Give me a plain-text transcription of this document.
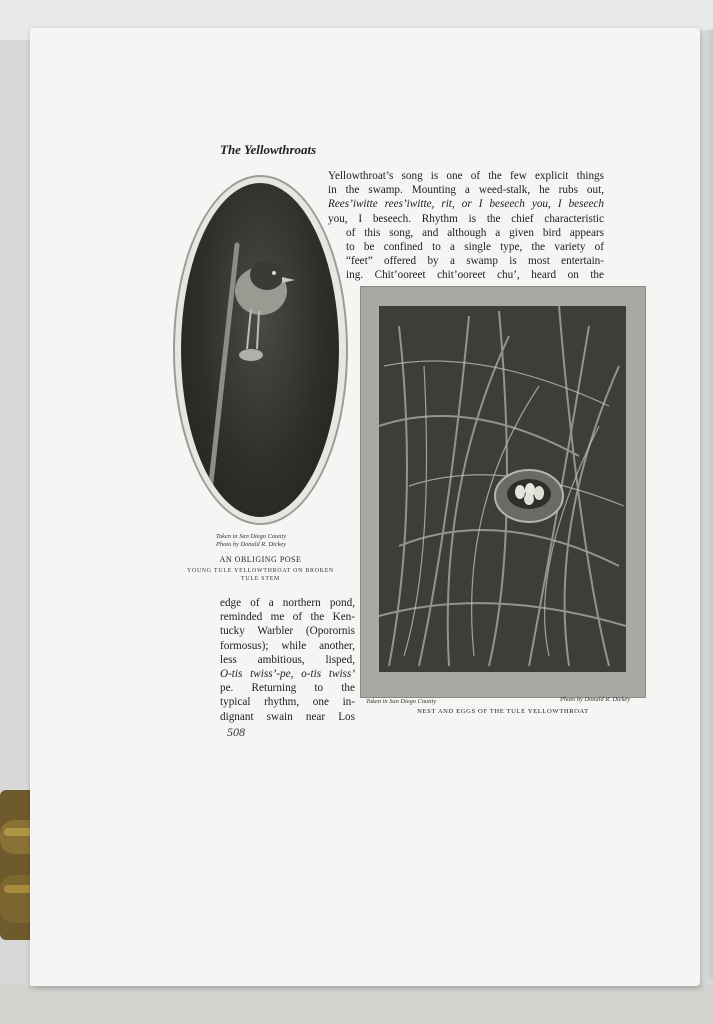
The Yellowthroats
Yellowthroat’s song is one of the few explicit things
in the swamp. Mounting a weed-stalk, he rubs out,
Rees’iwitte rees’iwitte, rit, or I beseech you, I beseech
you, I beseech. Rhythm is the chief characteristic
of this song, and although a given bird appears
to be confined to a single type, the variety of
“feet” offered by a swamp is most entertain-
ing. Chit’ooreet chit’ooreet chu’, heard on the
Taken in San Diego County
Photo by Donald R. Dickey
AN OBLIGING POSE
YOUNG TULE YELLOWTHROAT ON BROKEN
TULE STEM
Taken in San Diego County	Photo by Donald R. Dickey
NEST AND EGGS OF THE TULE YELLOWTHROAT
edge of a northern pond,
reminded me of the Ken-
tucky Warbler (Oporornis
formosus); while another,
less ambitious, lisped,
O-tis twiss’-pe, o-tis twiss’
pe. Returning to the
typical rhythm, one in-
dignant swain near Los
508
